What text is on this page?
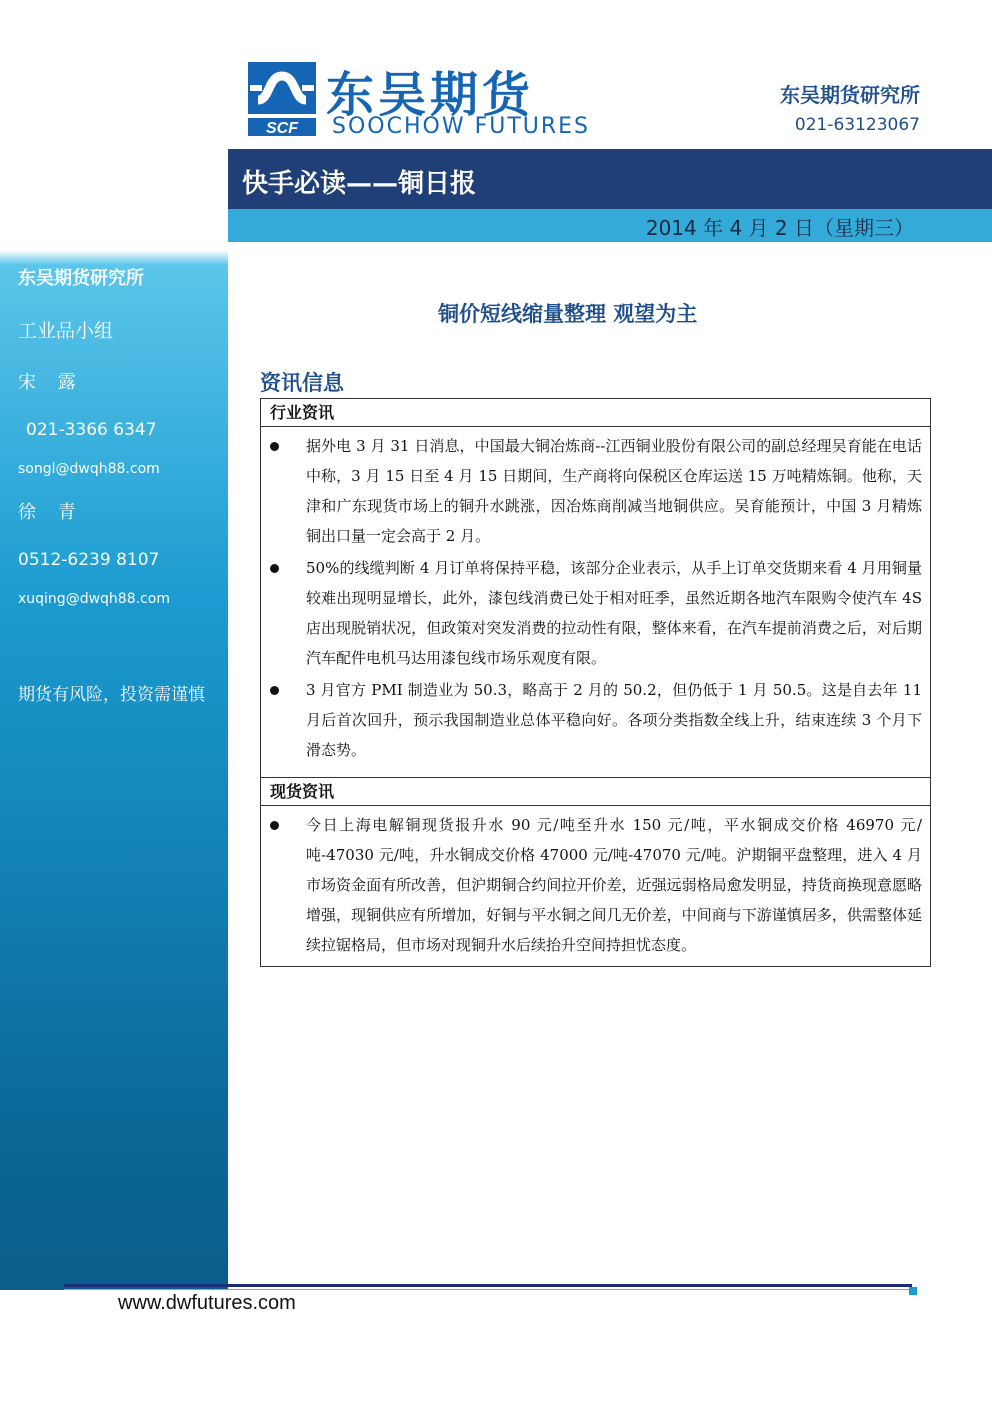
东吴期货研究所
工业品小组
宋 露
021-3366 6347
songl@dwqh88.com
徐 青
0512-6239 8107
xuqing@dwqh88.com
期货有风险，投资需谨慎
SCF
东吴期货
SOOCHOW FUTURES
东吴期货研究所
021-63123067
快手必读——铜日报
2014 年 4 月 2 日（星期三）
铜价短线缩量整理 观望为主
资讯信息
行业资讯
据外电 3 月 31 日消息，中国最大铜冶炼商--江西铜业股份有限公司的副总经理吴育能在电话中称，3 月 15 日至 4 月 15 日期间，生产商将向保税区仓库运送 15 万吨精炼铜。他称，天津和广东现货市场上的铜升水跳涨，因冶炼商削减当地铜供应。吴育能预计，中国 3 月精炼铜出口量一定会高于 2 月。
50%的线缆判断 4 月订单将保持平稳，该部分企业表示，从手上订单交货期来看 4 月用铜量较难出现明显增长，此外，漆包线消费已处于相对旺季，虽然近期各地汽车限购令使汽车 4S 店出现脱销状况，但政策对突发消费的拉动性有限，整体来看，在汽车提前消费之后，对后期汽车配件电机马达用漆包线市场乐观度有限。
3 月官方 PMI 制造业为 50.3，略高于 2 月的 50.2，但仍低于 1 月 50.5。这是自去年 11 月后首次回升，预示我国制造业总体平稳向好。各项分类指数全线上升，结束连续 3 个月下滑态势。
现货资讯
今日上海电解铜现货报升水 90 元/吨至升水 150 元/吨，平水铜成交价格 46970 元/吨-47030 元/吨，升水铜成交价格 47000 元/吨-47070 元/吨。沪期铜平盘整理，进入 4 月市场资金面有所改善，但沪期铜合约间拉开价差，近强远弱格局愈发明显，持货商换现意愿略增强，现铜供应有所增加，好铜与平水铜之间几无价差，中间商与下游谨慎居多，供需整体延续拉锯格局，但市场对现铜升水后续抬升空间持担忧态度。
www.dwfutures.com
